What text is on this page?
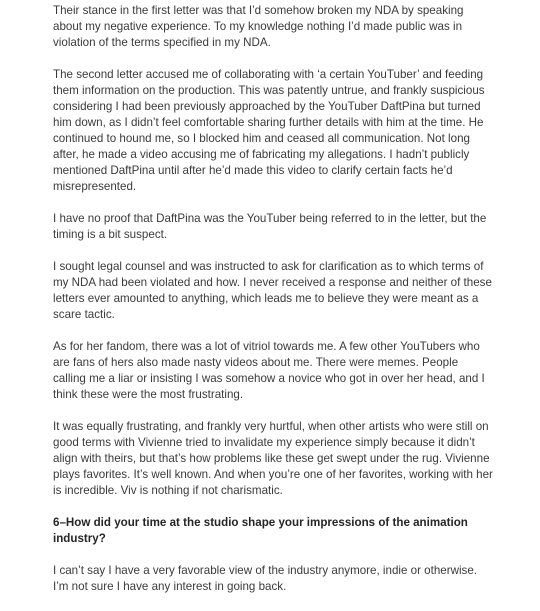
Their stance in the first letter was that I’d somehow broken my NDA by speaking about my negative experience. To my knowledge nothing I’d made public was in violation of the terms specified in my NDA.

The second letter accused me of collaborating with ‘a certain YouTuber’ and feeding them information on the production. This was patently untrue, and frankly suspicious considering I had been previously approached by the YouTuber DaftPina but turned him down, as I didn’t feel comfortable sharing further details with him at the time. He continued to hound me, so I blocked him and ceased all communication. Not long after, he made a video accusing me of fabricating my allegations. I hadn’t publicly mentioned DaftPina until after he’d made this video to clarify certain facts he’d misrepresented.

I have no proof that DaftPina was the YouTuber being referred to in the letter, but the timing is a bit suspect.

I sought legal counsel and was instructed to ask for clarification as to which terms of my NDA had been violated and how. I never received a response and neither of these letters ever amounted to anything, which leads me to believe they were meant as a scare tactic.

As for her fandom, there was a lot of vitriol towards me. A few other YouTubers who are fans of hers also made nasty videos about me. There were memes. People calling me a liar or insisting I was somehow a novice who got in over her head, and I think these were the most frustrating.

It was equally frustrating, and frankly very hurtful, when other artists who were still on good terms with Vivienne tried to invalidate my experience simply because it didn’t align with theirs, but that’s how problems like these get swept under the rug. Vivienne plays favorites. It’s well known. And when you’re one of her favorites, working with her is incredible. Viv is nothing if not charismatic.

6–How did your time at the studio shape your impressions of the animation industry?

I can’t say I have a very favorable view of the industry anymore, indie or otherwise. I’m not sure I have any interest in going back.
